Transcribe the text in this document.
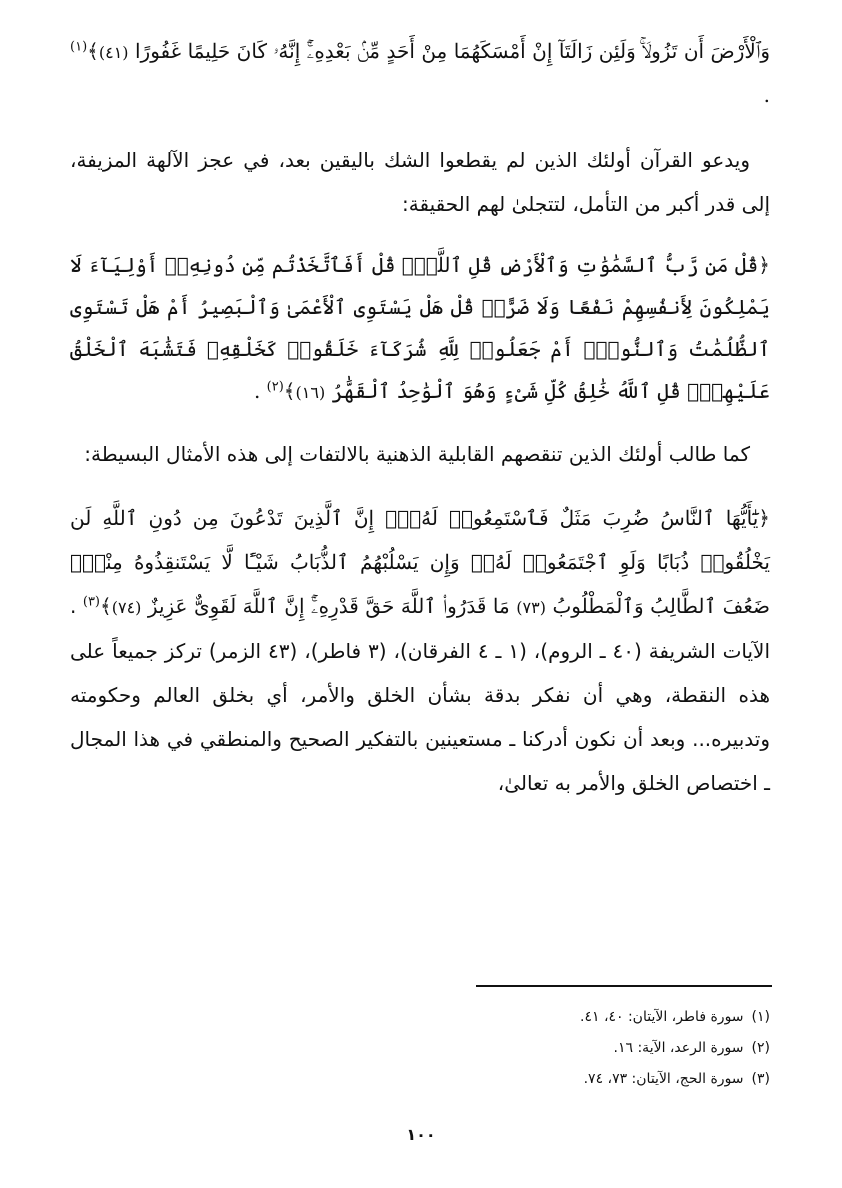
وَٱلْأَرْضَ أَن تَزُولَاۚ وَلَئِن زَالَتَآ إِنْ أَمْسَكَهُمَا مِنْ أَحَدٍ مِّنۢ بَعْدِهِۦٓۚ إِنَّهُۥ كَانَ حَلِيمًا غَفُورًا (٤١)﴾$^{(١)}$ .

ويدعو القرآن أولئك الذين لم يقطعوا الشك باليقين بعد، في عجز الآلهة المزيفة، إلى قدر أكبر من التأمل، لتتجلىٰ لهم الحقيقة:

﴿قُلْ مَن رَّبُّ ٱلسَّمَٰوَٰتِ وَٱلْأَرْضِ قُلِ ٱللَّهُۚ قُلْ أَفَٱتَّخَذْتُم مِّن دُونِهِۦٓ أَوْلِيَآءَ لَا يَمْلِكُونَ لِأَنفُسِهِمْ نَفْعًا وَلَا ضَرًّاۚ قُلْ هَلْ يَسْتَوِى ٱلْأَعْمَىٰ وَٱلْبَصِيرُ أَمْ هَلْ تَسْتَوِى ٱلظُّلُمَٰتُ وَٱلنُّورُۗ أَمْ جَعَلُوا۟ لِلَّهِ شُرَكَآءَ خَلَقُوا۟ كَخَلْقِهِۦ فَتَشَٰبَهَ ٱلْخَلْقُ عَلَيْهِمْۚ قُلِ ٱللَّهُ خَٰلِقُ كُلِّ شَىْءٍ وَهُوَ ٱلْوَٰحِدُ ٱلْقَهَّٰرُ (١٦)﴾$^{(٢)}$ .

كما طالب أولئك الذين تنقصهم القابلية الذهنية بالالتفات إلى هذه الأمثال البسيطة:

﴿يَٰٓأَيُّهَا ٱلنَّاسُ ضُرِبَ مَثَلٌ فَٱسْتَمِعُوا۟ لَهُۥٓۚ إِنَّ ٱلَّذِينَ تَدْعُونَ مِن دُونِ ٱللَّهِ لَن يَخْلُقُوا۟ ذُبَابًا وَلَوِ ٱجْتَمَعُوا۟ لَهُۥۖ وَإِن يَسْلُبْهُمُ ٱلذُّبَابُ شَيْـًٔا لَّا يَسْتَنقِذُوهُ مِنْهُۚ ضَعُفَ ٱلطَّالِبُ وَٱلْمَطْلُوبُ (٧٣) مَا قَدَرُوا۟ ٱللَّهَ حَقَّ قَدْرِهِۦٓۚ إِنَّ ٱللَّهَ لَقَوِىٌّ عَزِيزٌ (٧٤)﴾$^{(٣)}$ . الآيات الشريفة (٤٠ ـ الروم)، (١ ـ ٤ الفرقان)، (٣ فاطر)، (٤٣ الزمر) تركز جميعاً على هذه النقطة، وهي أن نفكر بدقة بشأن الخلق والأمر، أي بخلق العالم وحكومته وتدبيره... وبعد أن نكون أدركنا ـ مستعينين بالتفكير الصحيح والمنطقي في هذا المجال ـ اختصاص الخلق والأمر به تعالىٰ،

(١)سورة فاطر، الآيتان: ٤٠، ٤١.
(٢)سورة الرعد، الآية: ١٦.
(٣)سورة الحج، الآيتان: ٧٣، ٧٤.
١٠٠
